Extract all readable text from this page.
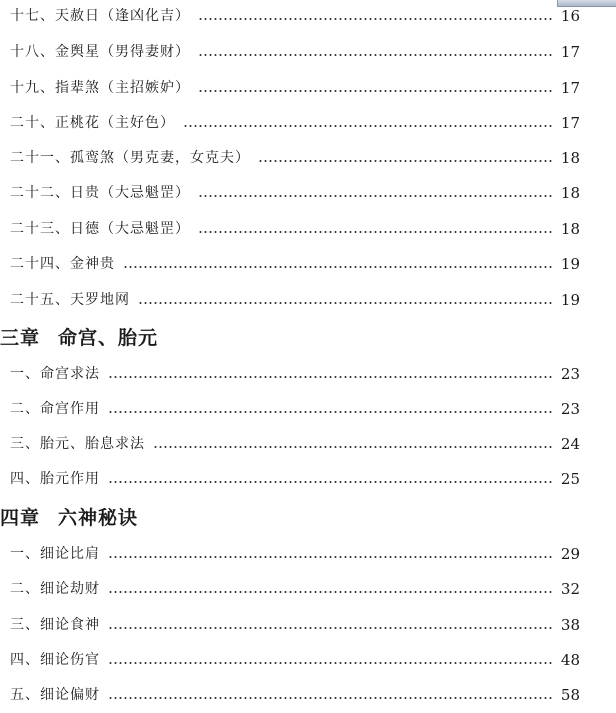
十七、天赦日（逢凶化吉）	16
十八、金舆星（男得妻财）	17
十九、指辈煞（主招嫉妒）	17
二十、正桃花（主好色）	17
二十一、孤鸾煞（男克妻，女克夫）	18
二十二、日贵（大忌魁罡）	18
二十三、日德（大忌魁罡）	18
二十四、金神贵	19
二十五、天罗地网	19
三章 命宫、胎元
一、命宫求法	23
二、命宫作用	23
三、胎元、胎息求法	24
四、胎元作用	25
四章 六神秘诀
一、细论比肩	29
二、细论劫财	32
三、细论食神	38
四、细论伤官	48
五、细论偏财	58
